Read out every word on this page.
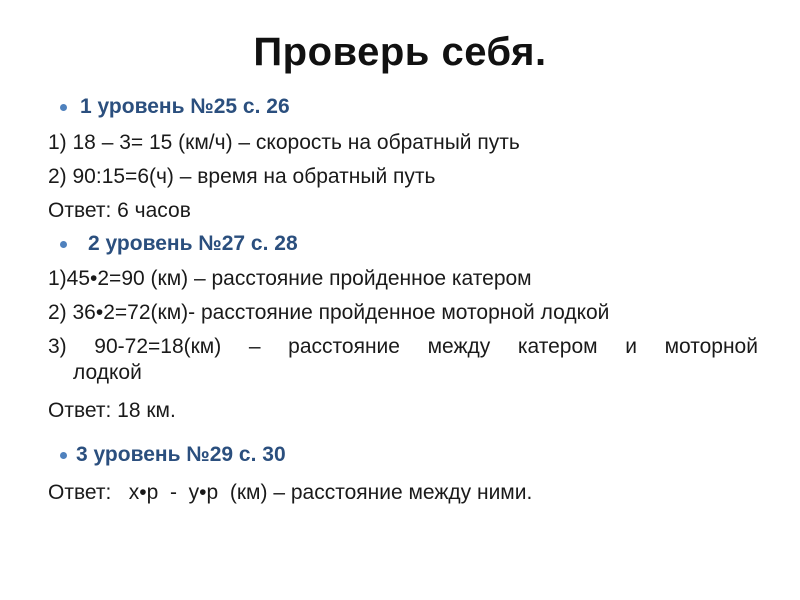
Проверь себя.
1 уровень №25 с. 26
1) 18 – 3= 15 (км/ч) – скорость на обратный путь
2) 90:15=6(ч) – время на обратный путь
Ответ: 6 часов
2 уровень №27 с. 28
1)45•2=90 (км) – расстояние пройденное катером
2) 36•2=72(км)- расстояние пройденное моторной лодкой
3) 90-72=18(км) – расстояние между катером и моторной
лодкой
Ответ: 18 км.
3 уровень №29 с. 30
Ответ:   х•р  -  у•р  (км) – расстояние между ними.
